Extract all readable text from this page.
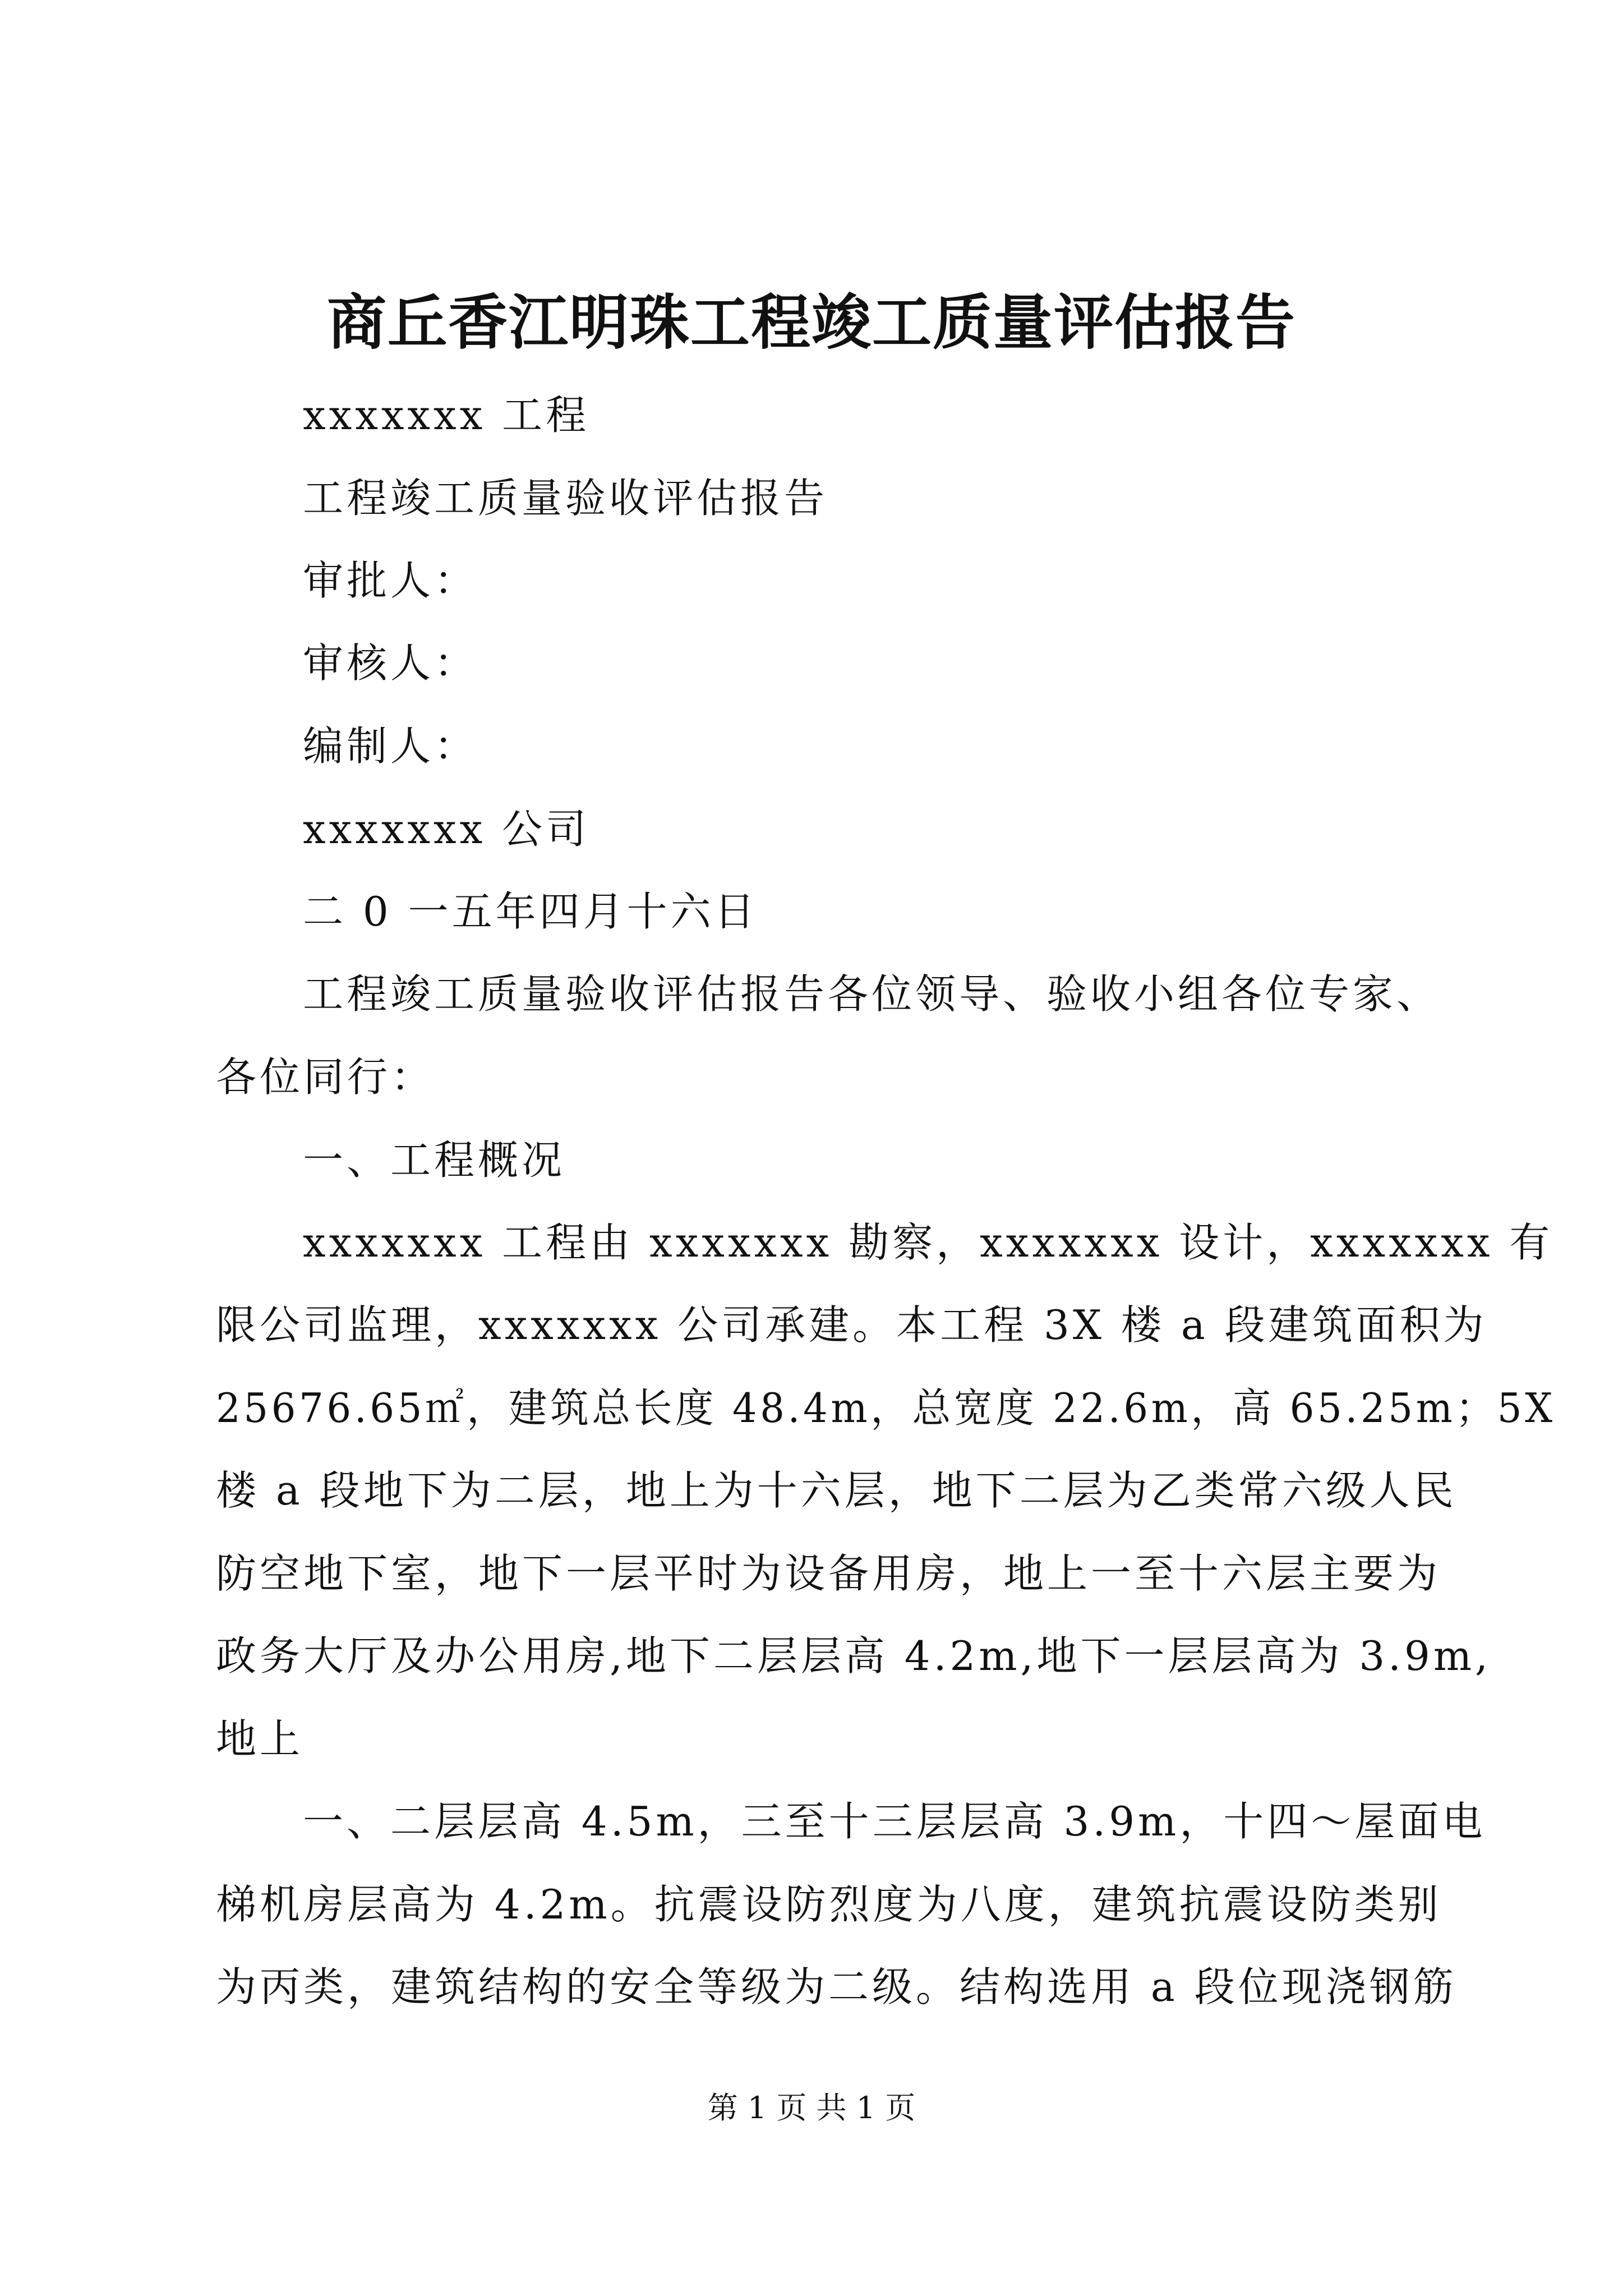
商丘香江明珠工程竣工质量评估报告
xxxxxxx 工程
工程竣工质量验收评估报告
审批人：
审核人：
编制人：
xxxxxxx 公司
二 0 一五年四月十六日
工程竣工质量验收评估报告各位领导、验收小组各位专家、
各位同行：
一、工程概况
xxxxxxx 工程由 xxxxxxx 勘察，xxxxxxx 设计，xxxxxxx 有
限公司监理，xxxxxxx 公司承建。本工程 3X 楼 a 段建筑面积为
25676.65㎡，建筑总长度 48.4m，总宽度 22.6m，高 65.25m；5X
楼 a 段地下为二层，地上为十六层，地下二层为乙类常六级人民
防空地下室，地下一层平时为设备用房，地上一至十六层主要为
政务大厅及办公用房,地下二层层高 4.2m,地下一层层高为 3.9m,
地上
一、二层层高 4.5m，三至十三层层高 3.9m，十四～屋面电
梯机房层高为 4.2m。抗震设防烈度为八度，建筑抗震设防类别
为丙类，建筑结构的安全等级为二级。结构选用 a 段位现浇钢筋
第 1 页 共 1 页
